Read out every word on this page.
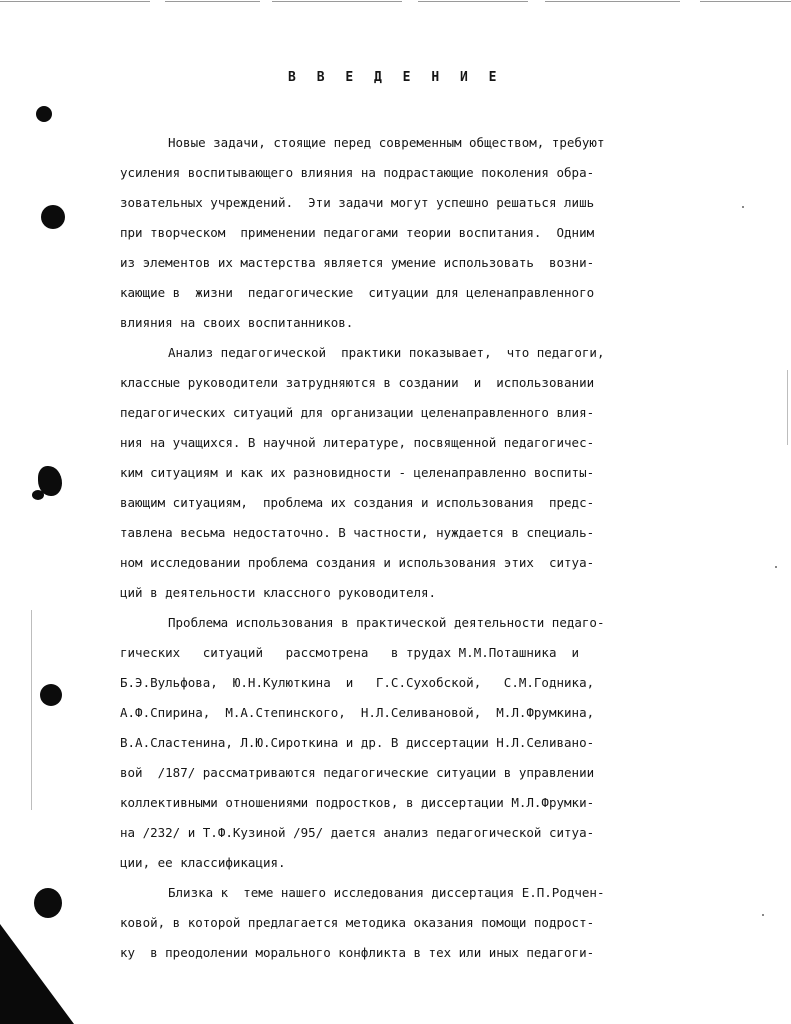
В В Е Д Е Н И Е
Новые задачи, стоящие перед современным обществом, требуют
усиления воспитывающего влияния на подрастающие поколения обра-
зовательных учреждений.  Эти задачи могут успешно решаться лишь
при творческом  применении педагогами теории воспитания.  Одним
из элементов их мастерства является умение использовать  возни-
кающие в  жизни  педагогические  ситуации для целенаправленного
влияния на своих воспитанников.
Анализ педагогической  практики показывает,  что педагоги,
классные руководители затрудняются в создании  и  использовании
педагогических ситуаций для организации целенаправленного влия-
ния на учащихся. В научной литературе, посвященной педагогичес-
ким ситуациям и как их разновидности - целенаправленно воспиты-
вающим ситуациям,  проблема их создания и использования  предс-
тавлена весьма недостаточно. В частности, нуждается в специаль-
ном исследовании проблема создания и использования этих  ситуа-
ций в деятельности классного руководителя.
Проблема использования в практической деятельности педаго-
гических   ситуаций   рассмотрена   в трудах М.М.Поташника  и
Б.Э.Вульфова,  Ю.Н.Кулюткина  и   Г.С.Сухобской,   С.М.Годника,
А.Ф.Спирина,  М.А.Степинского,  Н.Л.Селивановой,  М.Л.Фрумкина,
В.А.Сластенина, Л.Ю.Сироткина и др. В диссертации Н.Л.Селивано-
вой  /187/ рассматриваются педагогические ситуации в управлении
коллективными отношениями подростков, в диссертации М.Л.Фрумки-
на /232/ и Т.Ф.Кузиной /95/ дается анализ педагогической ситуа-
ции, ее классификация.
Близка к  теме нашего исследования диссертация Е.П.Родчен-
ковой, в которой предлагается методика оказания помощи подрост-
ку  в преодолении морального конфликта в тех или иных педагоги-
